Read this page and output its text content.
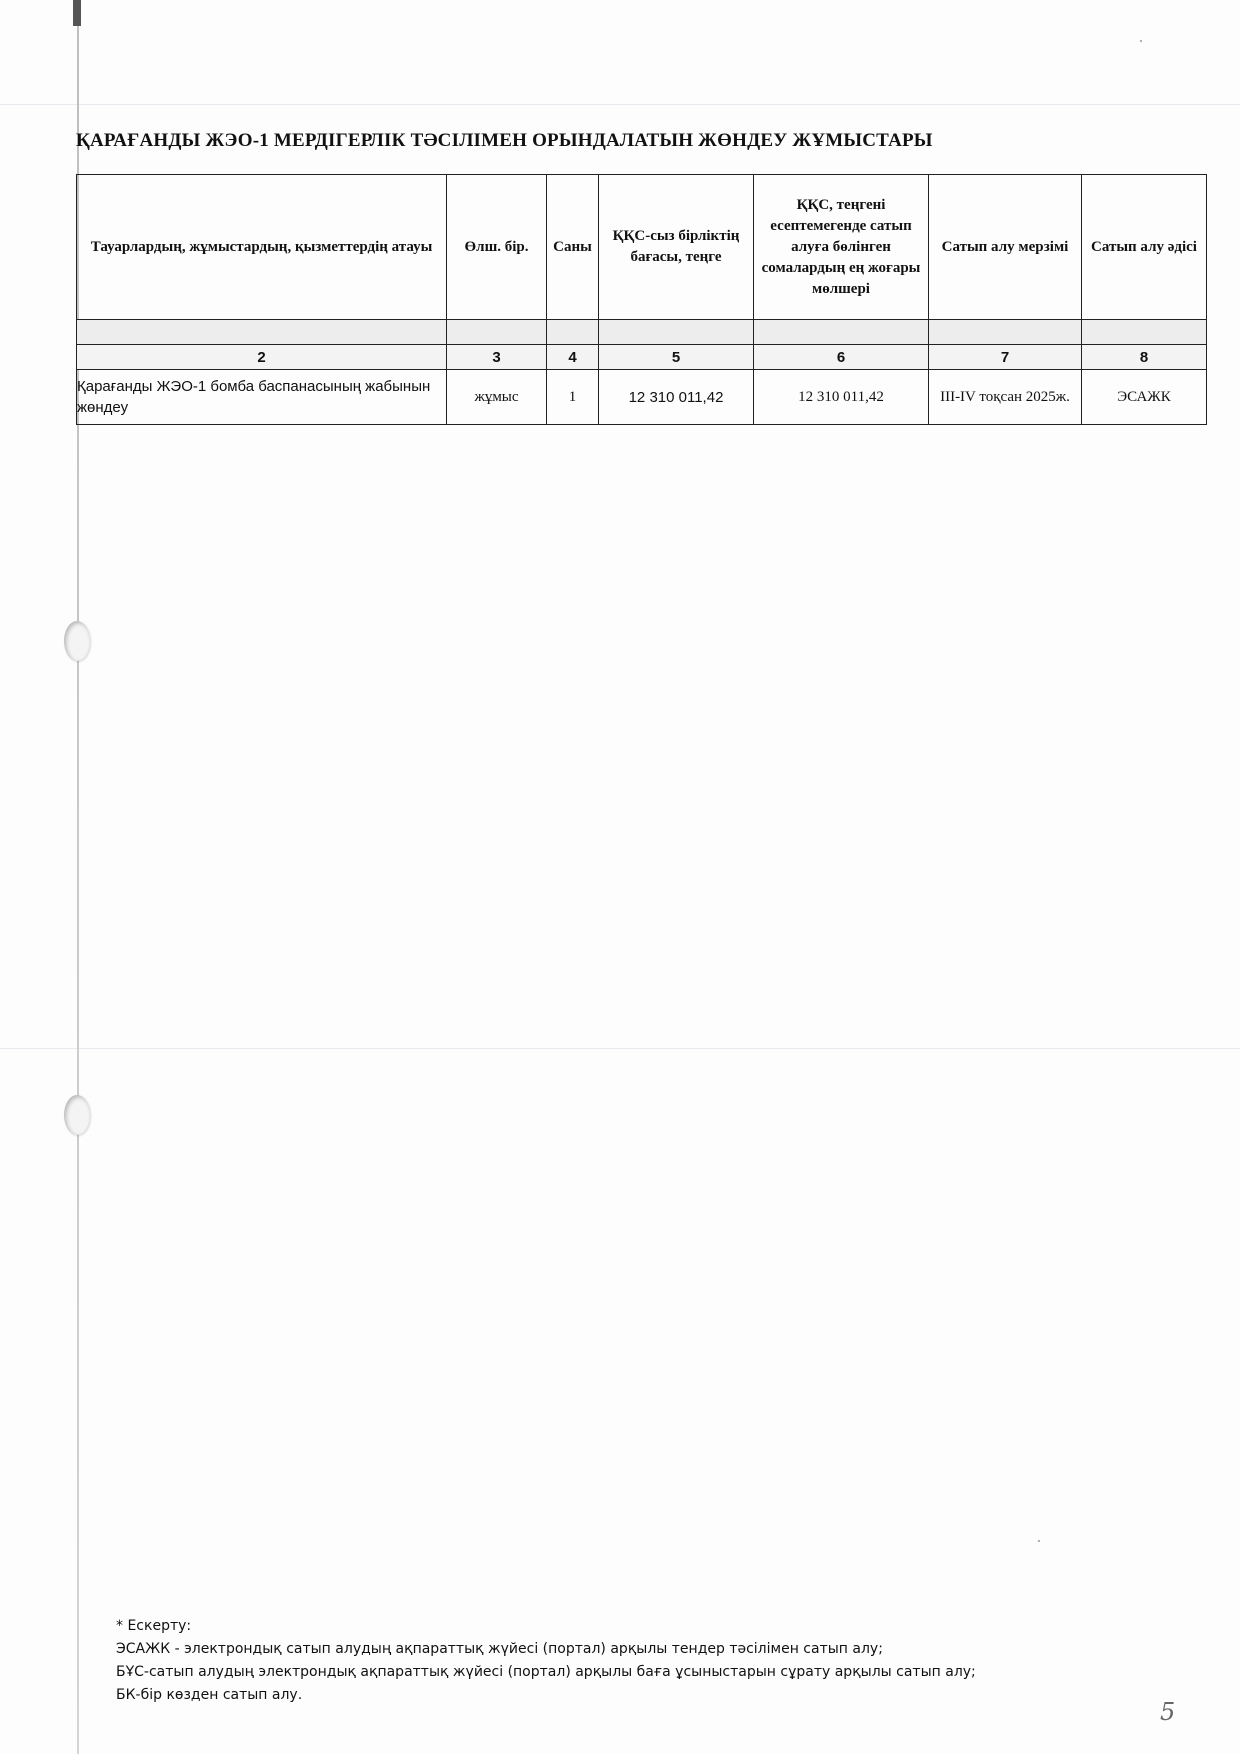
ҚАРАҒАНДЫ ЖЭО-1 МЕРДІГЕРЛІК ТӘСІЛІМЕН ОРЫНДАЛАТЫН ЖӨНДЕУ ЖҰМЫСТАРЫ
Тауарлардың, жұмыстардың, қызметтердің атауы	Өлш. бір.	Саны	ҚҚС-сыз бірліктің бағасы, теңге	ҚҚС, теңгені есептемегенде сатып алуға бөлінген сомалардың ең жоғары мөлшері	Сатып алу мерзімі	Сатып алу әдісі

2	3	4	5	6	7	8
Қарағанды ЖЭО-1 бомба баспанасының жабынын жөндеу	жұмыс	1	12 310 011,42	12 310 011,42	III-IV тоқсан 2025ж.	ЭСАЖК
* Ескерту:
ЭСАЖК - электрондық сатып алудың ақпараттық жүйесі (портал) арқылы тендер тәсілімен сатып алу;
БҰС-сатып алудың электрондық ақпараттық жүйесі (портал) арқылы баға ұсыныстарын сұрату арқылы сатып алу;
БК-бір көзден сатып алу.
5
